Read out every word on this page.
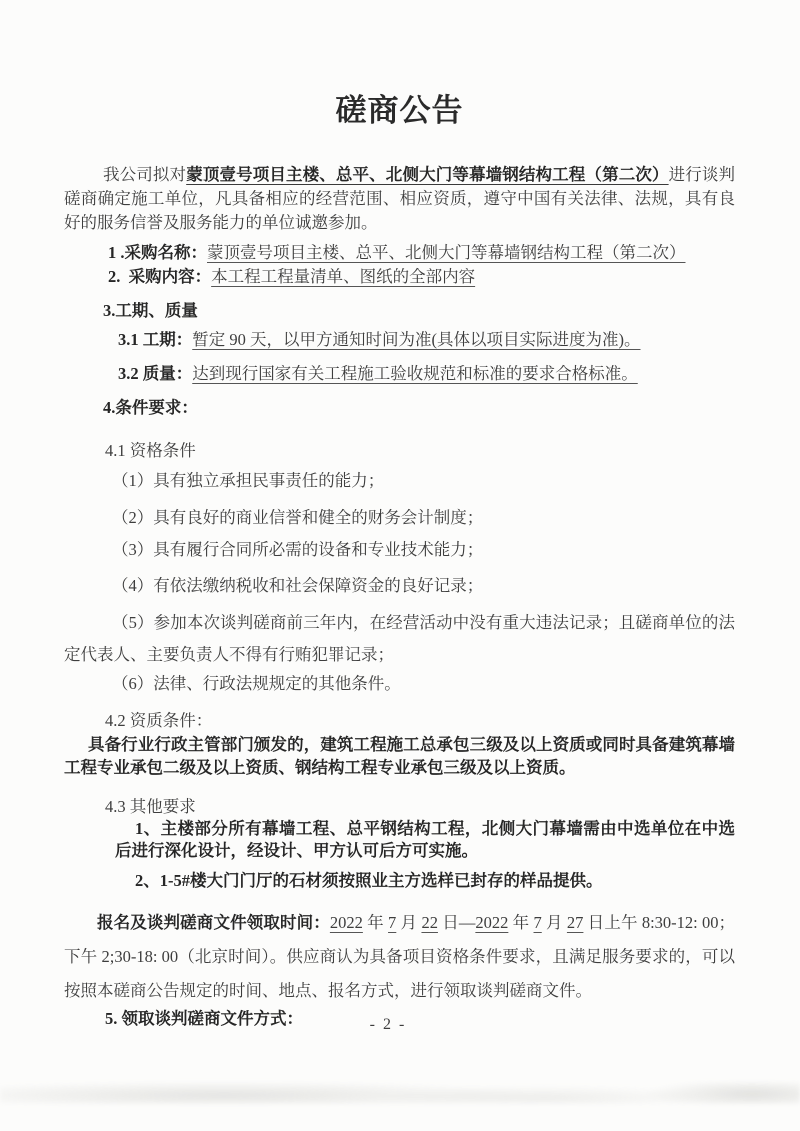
磋商公告

我公司拟对蒙顶壹号项目主楼、总平、北侧大门等幕墙钢结构工程（第二次）进行谈判磋商确定施工单位，凡具备相应的经营范围、相应资质，遵守中国有关法律、法规，具有良好的服务信誉及服务能力的单位诚邀参加。

1 .采购名称：蒙顶壹号项目主楼、总平、北侧大门等幕墙钢结构工程（第二次）
2.  采购内容：本工程工程量清单、图纸的全部内容
3.工期、质量
3.1 工期：暂定 90 天，以甲方通知时间为准(具体以项目实际进度为准)。
3.2 质量：达到现行国家有关工程施工验收规范和标准的要求合格标准。
4.条件要求：
4.1 资格条件
（1）具有独立承担民事责任的能力；
（2）具有良好的商业信誉和健全的财务会计制度；
（3）具有履行合同所必需的设备和专业技术能力；
（4）有依法缴纳税收和社会保障资金的良好记录；
（5）参加本次谈判磋商前三年内，在经营活动中没有重大违法记录；且磋商单位的法定代表人、主要负责人不得有行贿犯罪记录；
（6）法律、行政法规规定的其他条件。
4.2 资质条件：

具备行业行政主管部门颁发的，建筑工程施工总承包三级及以上资质或同时具备建筑幕墙工程专业承包二级及以上资质、钢结构工程专业承包三级及以上资质。

4.3 其他要求

1、主楼部分所有幕墙工程、总平钢结构工程，北侧大门幕墙需由中选单位在中选后进行深化设计，经设计、甲方认可后方可实施。

2、1-5#楼大门门厅的石材须按照业主方选样已封存的样品提供。

报名及谈判磋商文件领取时间：2022 年 7 月 22 日—2022 年 7 月 27 日上午 8:30-12: 00；下午 2;30-18: 00（北京时间）。供应商认为具备项目资格条件要求，且满足服务要求的，可以按照本磋商公告规定的时间、地点、报名方式，进行领取谈判磋商文件。

5. 领取谈判磋商文件方式：	- 2 -
